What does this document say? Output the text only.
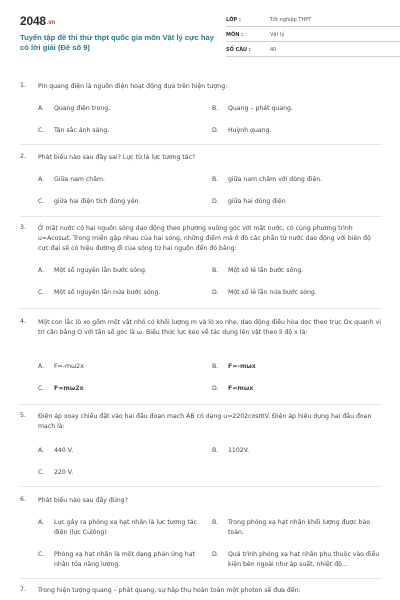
2048.vn
Tuyển tập đề thi thử thpt quốc gia môn Vật lý cực hay có lời giải (Đề số 9)
LỚP :	Tốt nghiệp THPT
MÔN :	Vật lý
SỐ CÂU :	40
1.	Pin quang điện là nguồn điện hoạt động dựa trên hiện tượng:
A. Quang điện trong.	B. Quang – phát quang.
C. Tán sắc ánh sáng.	D. Huỳnh quang.
2.	Phát biểu nào sau đây sai? Lực từ là lực tương tác?
A. Giữa nam châm.	B. giữa nam châm với dòng điện.
C. giữa hai điện tích đứng yên.	D. giữa hai dòng điện
3.	Ở mặt nước có hai nguồn sóng dao động theo phương vuông góc với mặt nước, có cùng phương trình u=Acosωt. Trong miền gặp nhau của hai sóng, những điểm mà ở đó các phần tử nước dao động với biên độ cực đại sẽ có hiệu đường đi của sóng từ hai nguồn đến đó bằng:
A. Một số nguyên lần bước sóng.	B. Một số lẻ lần bước sóng.
C. Một số nguyên lần nửa bước sóng.	D. Một số lẻ lần nửa bước sóng.
4.	Một con lắc lò xo gồm một vật nhỏ có khối lượng m và lò xo nhẹ, dao động điều hòa dọc theo trục Ox quanh vị trí cân bằng O với tần số góc là ω. Biểu thức lực kéo về tác dụng lên vật theo li độ x là:
A. F=-mω2x	B. F=-mωx
C. F=mω2x	D. F=mωx
5.	Điện áp xoay chiều đặt vào hai đầu đoạn mạch AB có dạng u=2202cosπtV. Điện áp hiệu dụng hai đầu đoạn mạch là:
A. 440 V.	B. 1102V.
C. 220 V.
6.	Phát biểu nào sau đây đúng?
A. Lực gây ra phóng xạ hạt nhân là lực tương tác điện (lực Culông)
B. Trong phóng xạ hạt nhân khối lượng được bảo toàn.
C. Phóng xạ hạt nhân là một dạng phản ứng hạt nhân tỏa năng lượng.
D. Quá trình phóng xạ hạt nhân phụ thuộc vào điều kiện bên ngoài như áp suất, nhiệt độ...
7.	Trong hiện tượng quang – phát quang, sự hấp thụ hoàn toàn một photon sẽ đưa đến:
